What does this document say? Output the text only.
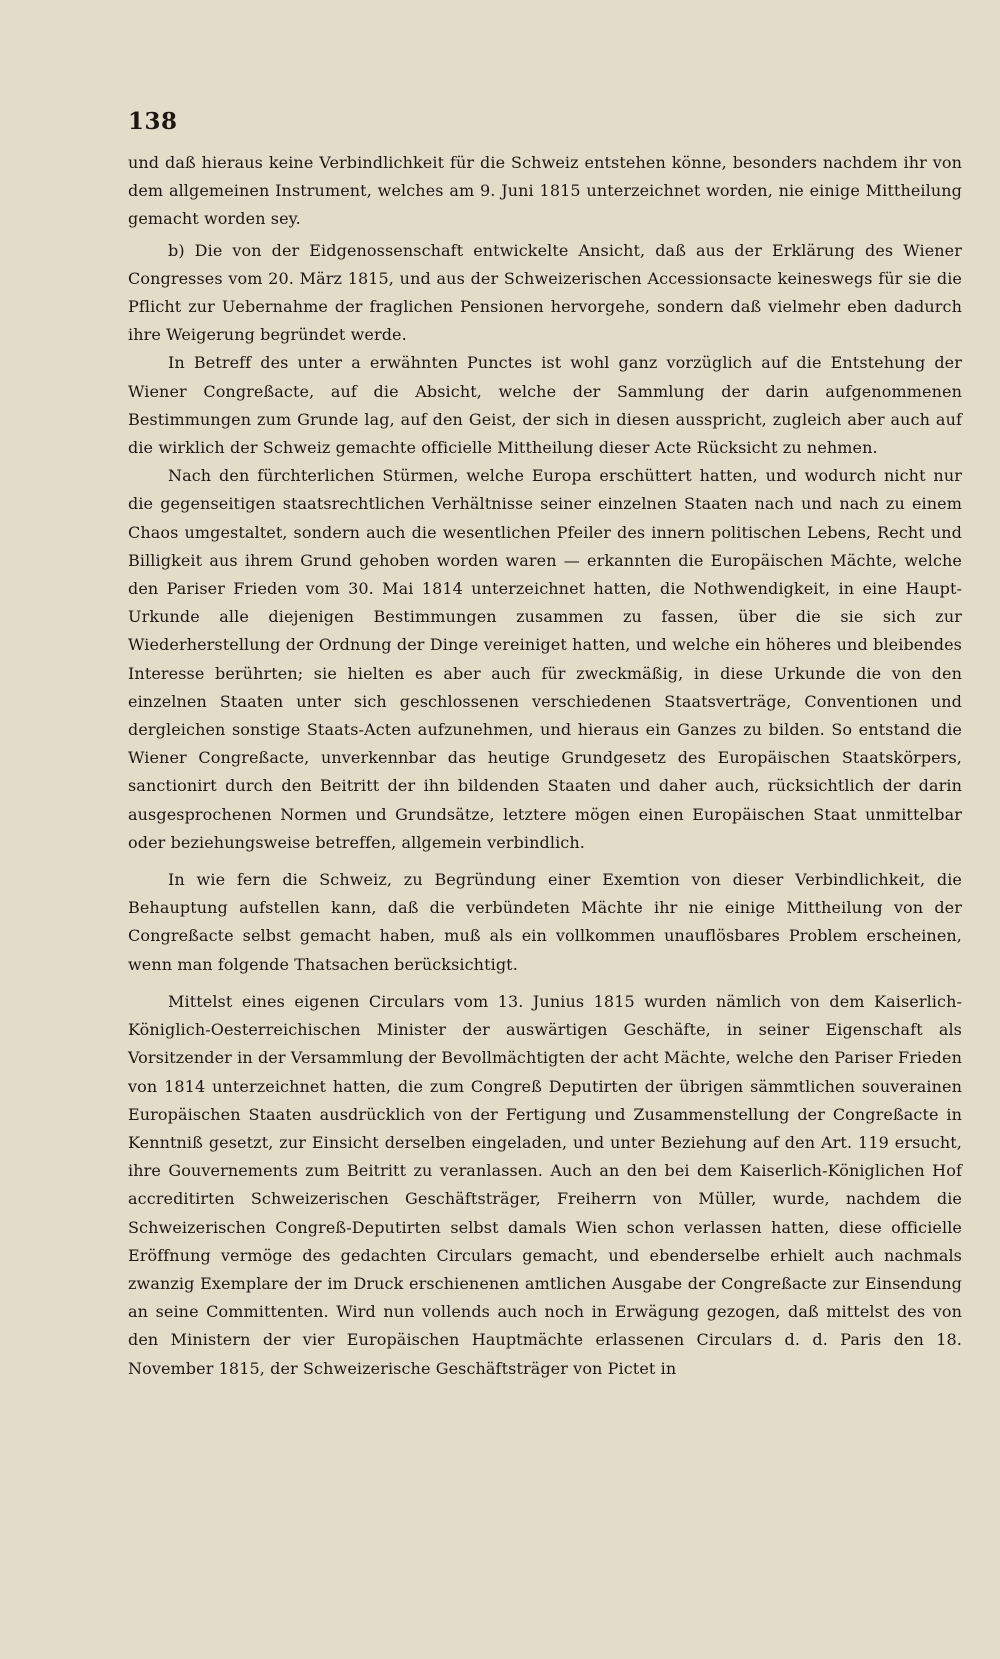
138

und daß hieraus keine Verbindlichkeit für die Schweiz entstehen könne, besonders nachdem ihr von dem allgemeinen Instrument, welches am 9. Juni 1815 unterzeichnet worden, nie einige Mittheilung gemacht worden sey.

b) Die von der Eidgenossenschaft entwickelte Ansicht, daß aus der Erklärung des Wiener Congresses vom 20. März 1815, und aus der Schweizerischen Accessionsacte keineswegs für sie die Pflicht zur Uebernahme der fraglichen Pensionen hervorgehe, sondern daß vielmehr eben dadurch ihre Weigerung begründet werde.

In Betreff des unter a erwähnten Punctes ist wohl ganz vorzüglich auf die Entstehung der Wiener Congreßacte, auf die Absicht, welche der Sammlung der darin aufgenommenen Bestimmungen zum Grunde lag, auf den Geist, der sich in diesen ausspricht, zugleich aber auch auf die wirklich der Schweiz gemachte officielle Mittheilung dieser Acte Rücksicht zu nehmen.

Nach den fürchterlichen Stürmen, welche Europa erschüttert hatten, und wodurch nicht nur die gegenseitigen staatsrechtlichen Verhältnisse seiner einzelnen Staaten nach und nach zu einem Chaos umgestaltet, sondern auch die wesentlichen Pfeiler des innern politischen Lebens, Recht und Billigkeit aus ihrem Grund gehoben worden waren — erkannten die Europäischen Mächte, welche den Pariser Frieden vom 30. Mai 1814 unterzeichnet hatten, die Nothwendigkeit, in eine Haupt-Urkunde alle diejenigen Bestimmungen zusammen zu fassen, über die sie sich zur Wiederherstellung der Ordnung der Dinge vereiniget hatten, und welche ein höheres und bleibendes Interesse berührten; sie hielten es aber auch für zweckmäßig, in diese Urkunde die von den einzelnen Staaten unter sich geschlossenen verschiedenen Staatsverträge, Conventionen und dergleichen sonstige Staats-Acten aufzunehmen, und hieraus ein Ganzes zu bilden. So entstand die Wiener Congreßacte, unverkennbar das heutige Grundgesetz des Europäischen Staatskörpers, sanctionirt durch den Beitritt der ihn bildenden Staaten und daher auch, rücksichtlich der darin ausgesprochenen Normen und Grundsätze, letztere mögen einen Europäischen Staat unmittelbar oder beziehungsweise betreffen, allgemein verbindlich.

In wie fern die Schweiz, zu Begründung einer Exemtion von dieser Verbindlichkeit, die Behauptung aufstellen kann, daß die verbündeten Mächte ihr nie einige Mittheilung von der Congreßacte selbst gemacht haben, muß als ein vollkommen unauflösbares Problem erscheinen, wenn man folgende Thatsachen berücksichtigt.

Mittelst eines eigenen Circulars vom 13. Junius 1815 wurden nämlich von dem Kaiserlich-Königlich-Oesterreichischen Minister der auswärtigen Geschäfte, in seiner Eigenschaft als Vorsitzender in der Versammlung der Bevollmächtigten der acht Mächte, welche den Pariser Frieden von 1814 unterzeichnet hatten, die zum Congreß Deputirten der übrigen sämmtlichen souverainen Europäischen Staaten ausdrücklich von der Fertigung und Zusammenstellung der Congreßacte in Kenntniß gesetzt, zur Einsicht derselben eingeladen, und unter Beziehung auf den Art. 119 ersucht, ihre Gouvernements zum Beitritt zu veranlassen. Auch an den bei dem Kaiserlich-Königlichen Hof accreditirten Schweizerischen Geschäftsträger, Freiherrn von Müller, wurde, nachdem die Schweizerischen Congreß-Deputirten selbst damals Wien schon verlassen hatten, diese officielle Eröffnung vermöge des gedachten Circulars gemacht, und ebenderselbe erhielt auch nachmals zwanzig Exemplare der im Druck erschienenen amtlichen Ausgabe der Congreßacte zur Einsendung an seine Committenten. Wird nun vollends auch noch in Erwägung gezogen, daß mittelst des von den Ministern der vier Europäischen Hauptmächte erlassenen Circulars d. d. Paris den 18. November 1815, der Schweizerische Geschäftsträger von Pictet in
